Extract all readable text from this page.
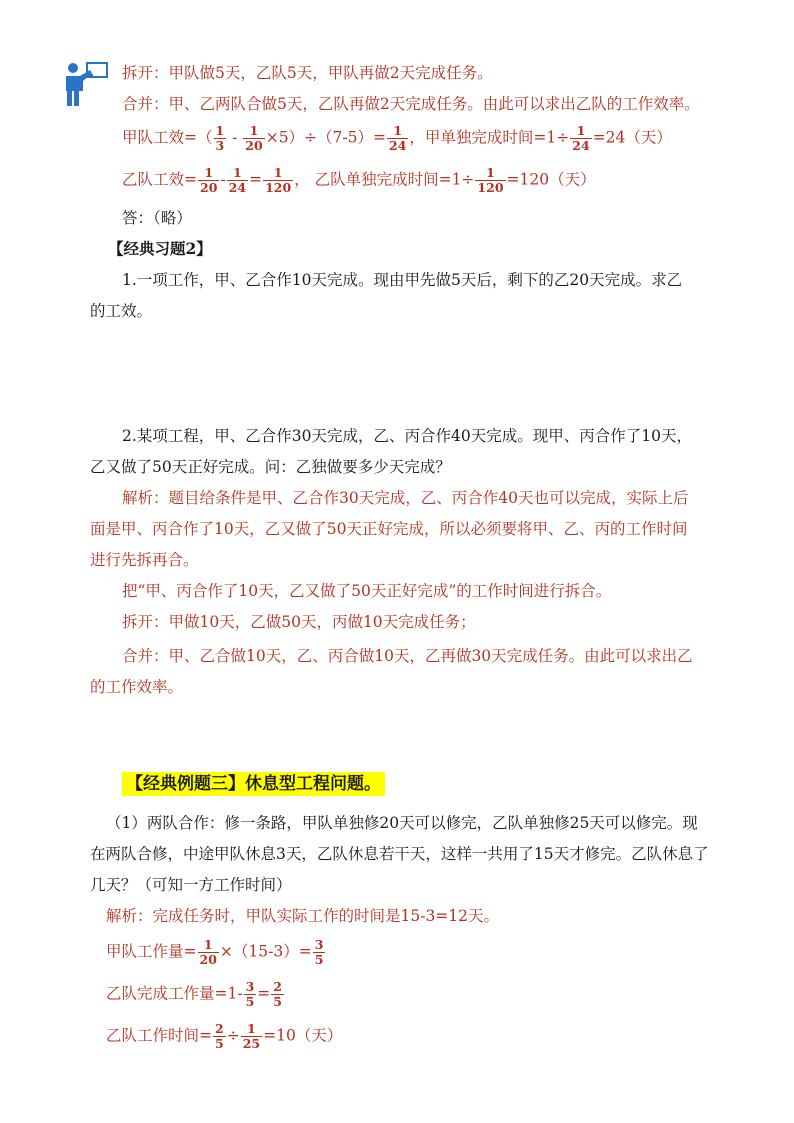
拆开：甲队做5天，乙队5天，甲队再做2天完成任务。
合并：甲、乙两队合做5天，乙队再做2天完成任务。由此可以求出乙队的工作效率。
甲队工效=（ $\frac{1}{3} - \frac{1}{20} \times 5)\div(7-5)= \frac{1}{24}$ ，甲单独完成时间$=1\div \frac{1}{24} =24$（天）
乙队工效= $\frac{1}{20} - \frac{1}{24} = \frac{1}{120}$ ， 乙队单独完成时间$=1\div \frac{1}{120} =120$（天）
答：（略）
【经典习题2】
1.一项工作，甲、乙合作10天完成。现由甲先做5天后，剩下的乙20天完成。求乙
的工效。
2.某项工程，甲、乙合作30天完成，乙、丙合作40天完成。现甲、丙合作了10天，
乙又做了50天正好完成。问：乙独做要多少天完成？
解析：题目给条件是甲、乙合作30天完成，乙、丙合作40天也可以完成，实际上后
面是甲、丙合作了10天，乙又做了50天正好完成，所以必须要将甲、乙、丙的工作时间
进行先拆再合。
把“甲、丙合作了10天，乙又做了50天正好完成”的工作时间进行拆合。
拆开：甲做10天，乙做50天，丙做10天完成任务；
合并：甲、乙合做10天，乙、丙合做10天，乙再做30天完成任务。由此可以求出乙
的工作效率。
【经典例题三】休息型工程问题。
（1）两队合作：修一条路，甲队单独修20天可以修完，乙队单独修25天可以修完。现
在两队合修，中途甲队休息3天，乙队休息若干天，这样一共用了15天才修完。乙队休息了
几天？（可知一方工作时间）
解析：完成任务时，甲队实际工作的时间是15-3=12天。
甲队工作量= $\frac{1}{20} \times(15-3)= \frac{3}{5}$
乙队完成工作量$=1- \frac{3}{5} = \frac{2}{5}$
乙队工作时间= $\frac{2}{5} \div \frac{1}{25} =10$（天）
